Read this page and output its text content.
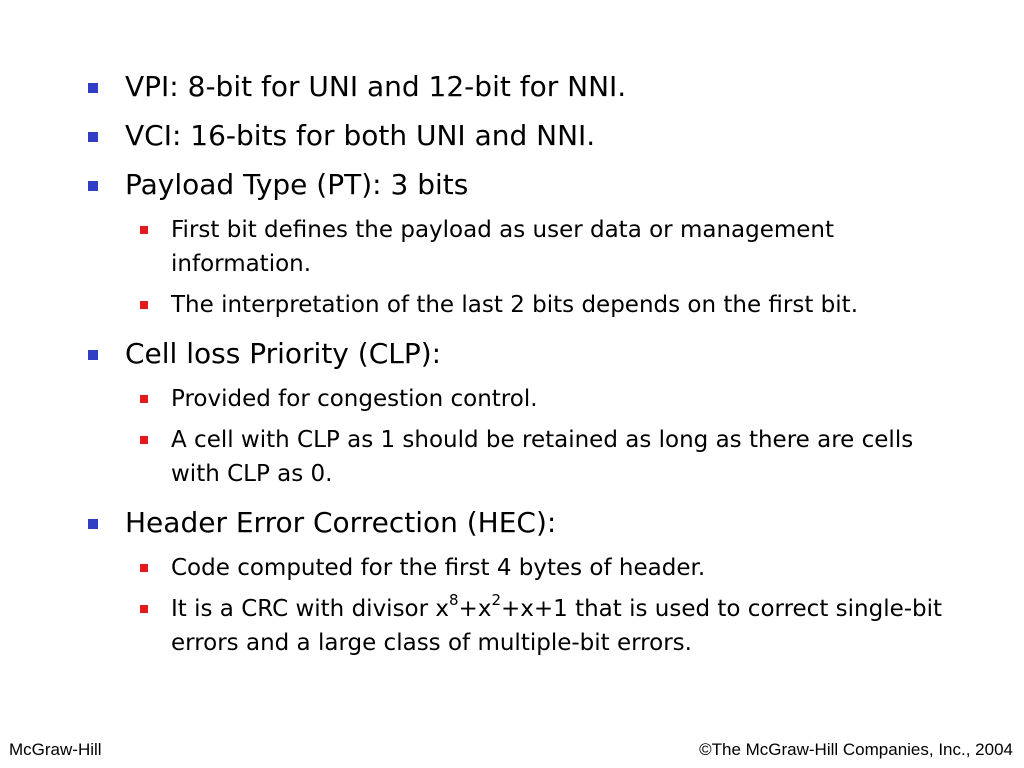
VPI: 8-bit for UNI and 12-bit for NNI.
VCI: 16-bits for both UNI and NNI.
Payload Type (PT): 3 bits
First bit defines the payload as user data or management information.
The interpretation of the last 2 bits depends on the first bit.
Cell loss Priority (CLP):
Provided for congestion control.
A cell with CLP as 1 should be retained as long as there are cells with CLP as 0.
Header Error Correction (HEC):
Code computed for the first 4 bytes of header.
It is a CRC with divisor $x^8+x^2+x+1$ that is used to correct single-bit errors and a large class of multiple-bit errors.
McGraw-Hill	©The McGraw-Hill Companies, Inc., 2004
